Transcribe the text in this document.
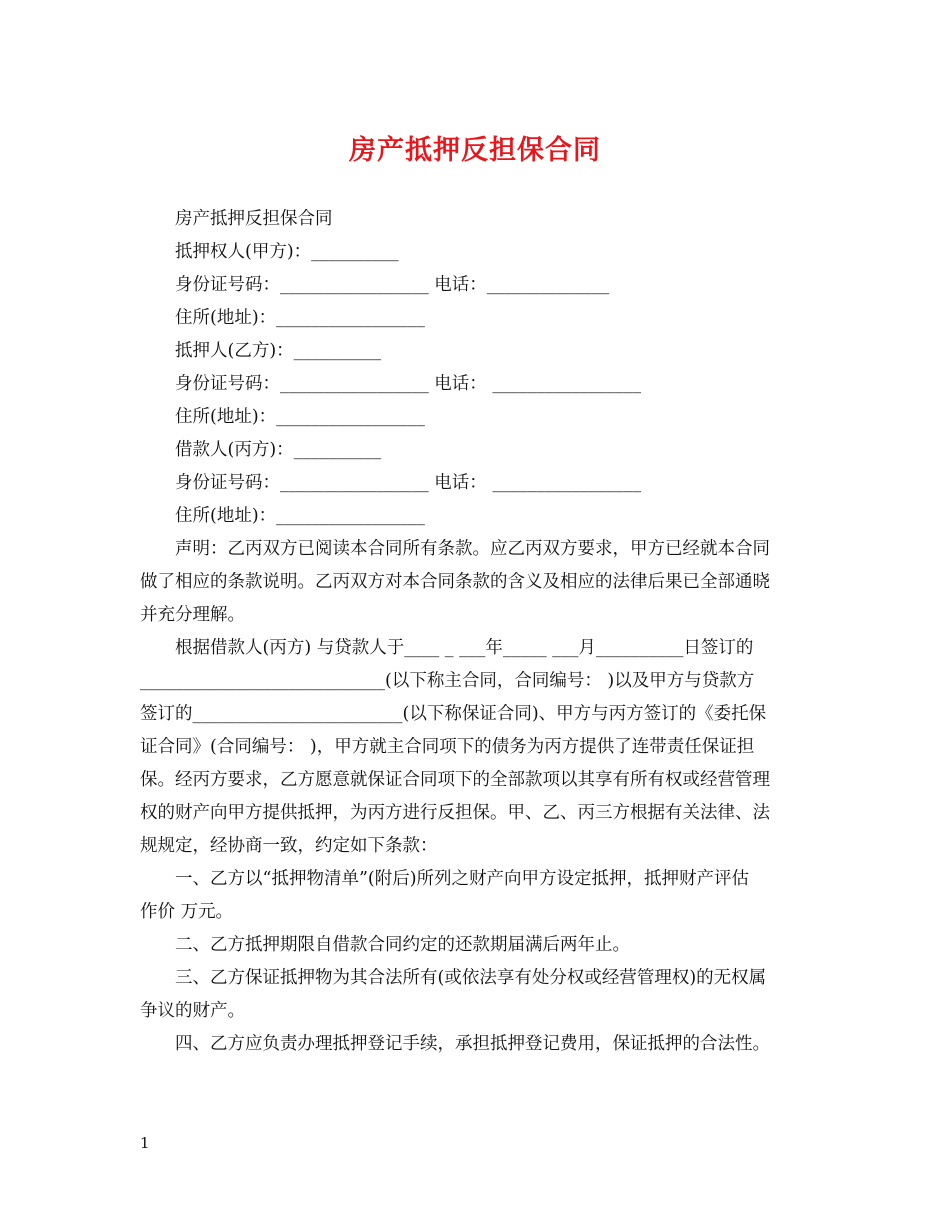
房产抵押反担保合同
房产抵押反担保合同
抵押权人(甲方)：__________
身份证号码：_________________ 电话：______________
住所(地址)：_________________
抵押人(乙方)：__________
身份证号码：_________________ 电话： _________________
住所(地址)：_________________
借款人(丙方)：__________
身份证号码：_________________ 电话： _________________
住所(地址)：_________________
声明：乙丙双方已阅读本合同所有条款。应乙丙双方要求，甲方已经就本合同
做了相应的条款说明。乙丙双方对本合同条款的含义及相应的法律后果已全部通晓
并充分理解。
根据借款人(丙方) 与贷款人于____ _ ___年_____ ___月__________日签订的
____________________________(以下称主合同，合同编号： )以及甲方与贷款方
签订的________________________(以下称保证合同)、甲方与丙方签订的《委托保
证合同》(合同编号： )，甲方就主合同项下的债务为丙方提供了连带责任保证担
保。经丙方要求，乙方愿意就保证合同项下的全部款项以其享有所有权或经营管理
权的财产向甲方提供抵押，为丙方进行反担保。甲、乙、丙三方根据有关法律、法
规规定，经协商一致，约定如下条款：
一、乙方以“抵押物清单”(附后)所列之财产向甲方设定抵押，抵押财产评估
作价 万元。
二、乙方抵押期限自借款合同约定的还款期届满后两年止。
三、乙方保证抵押物为其合法所有(或依法享有处分权或经营管理权)的无权属
争议的财产。
四、乙方应负责办理抵押登记手续，承担抵押登记费用，保证抵押的合法性。
1
